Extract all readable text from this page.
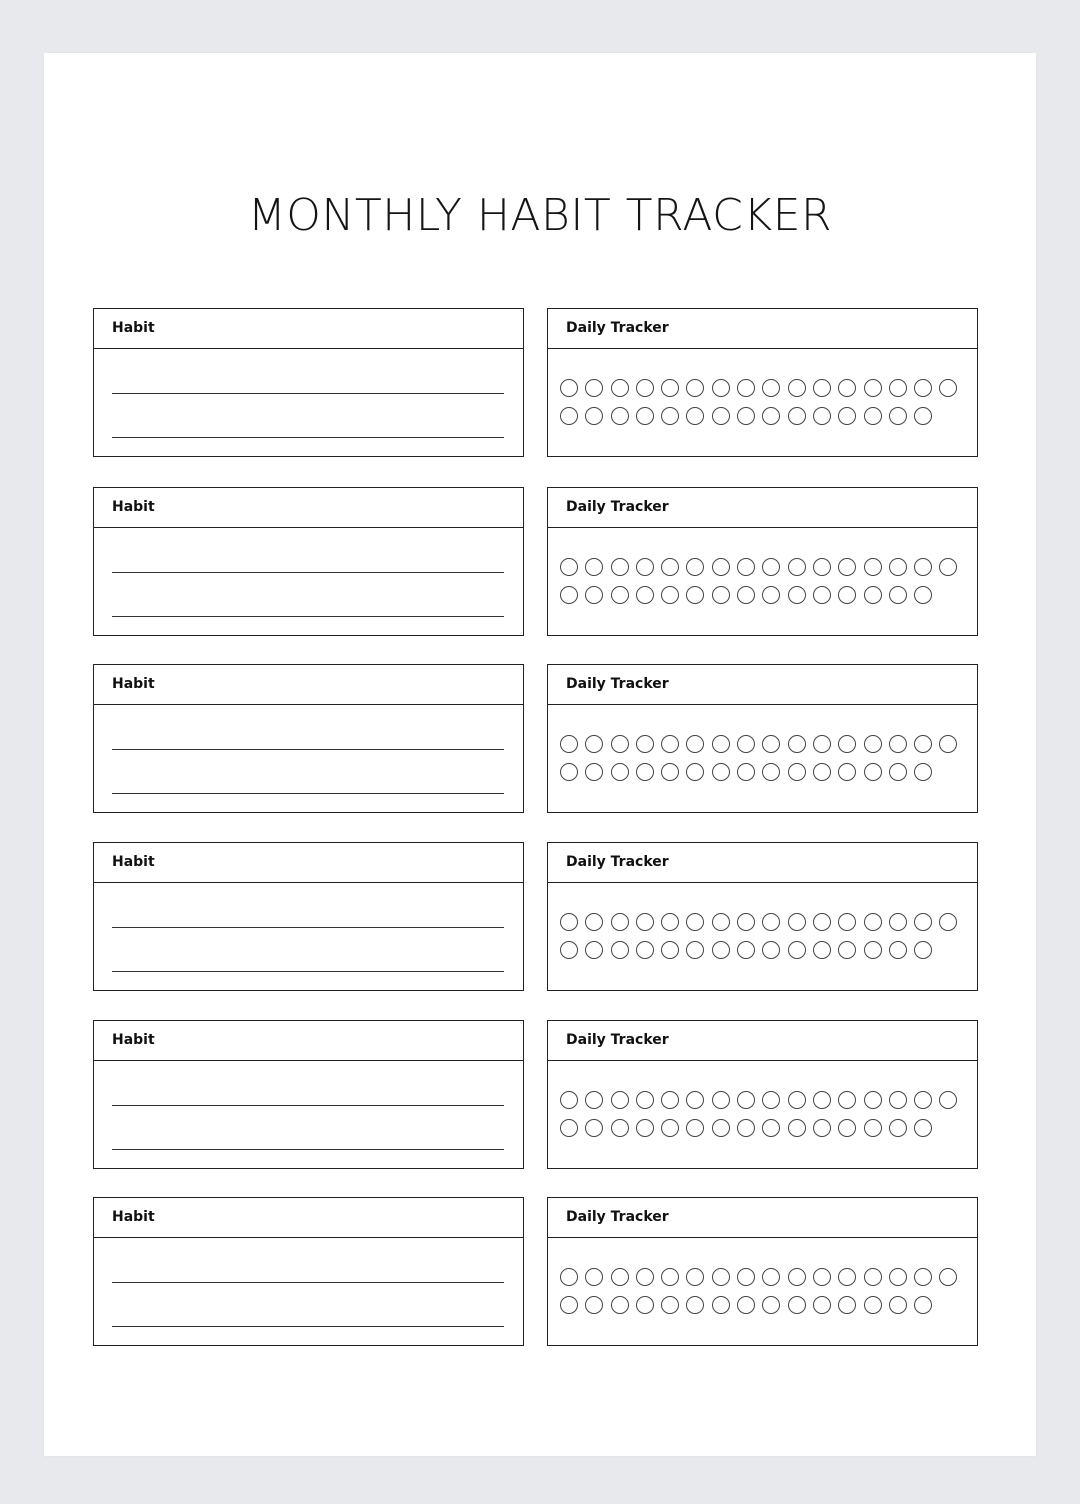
MONTHLY HABIT TRACKER
Habit	Daily Tracker
Habit	Daily Tracker
Habit	Daily Tracker
Habit	Daily Tracker
Habit	Daily Tracker
Habit	Daily Tracker
